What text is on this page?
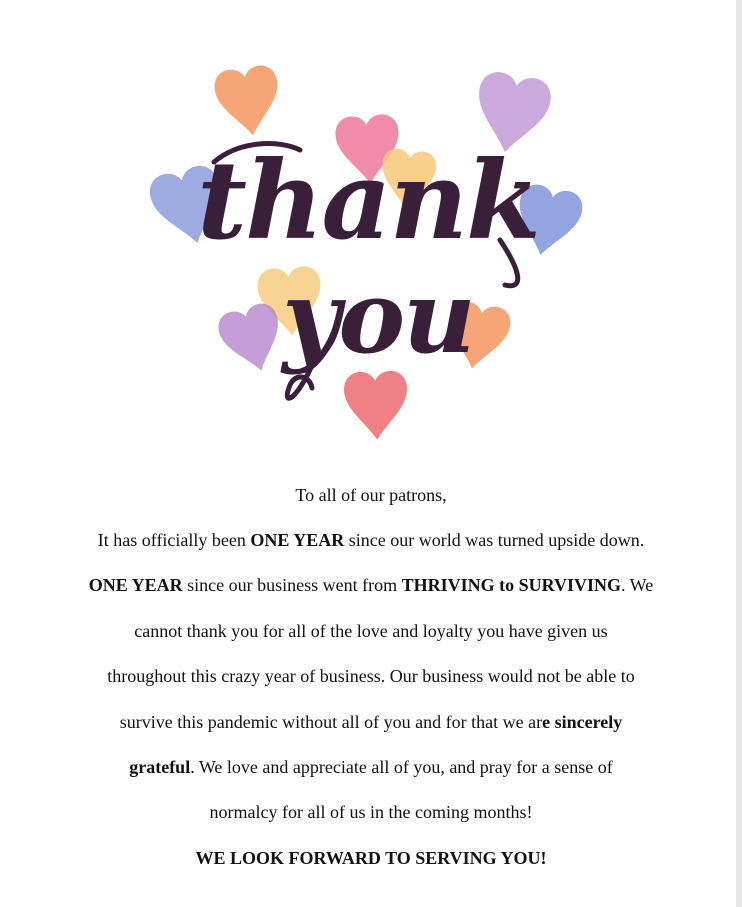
thank
you
To all of our patrons,
It has officially been ONE YEAR since our world was turned upside down.
ONE YEAR since our business went from THRIVING to SURVIVING. We
cannot thank you for all of the love and loyalty you have given us
throughout this crazy year of business. Our business would not be able to
survive this pandemic without all of you and for that we are sincerely
grateful. We love and appreciate all of you, and pray for a sense of
normalcy for all of us in the coming months!
WE LOOK FORWARD TO SERVING YOU!
